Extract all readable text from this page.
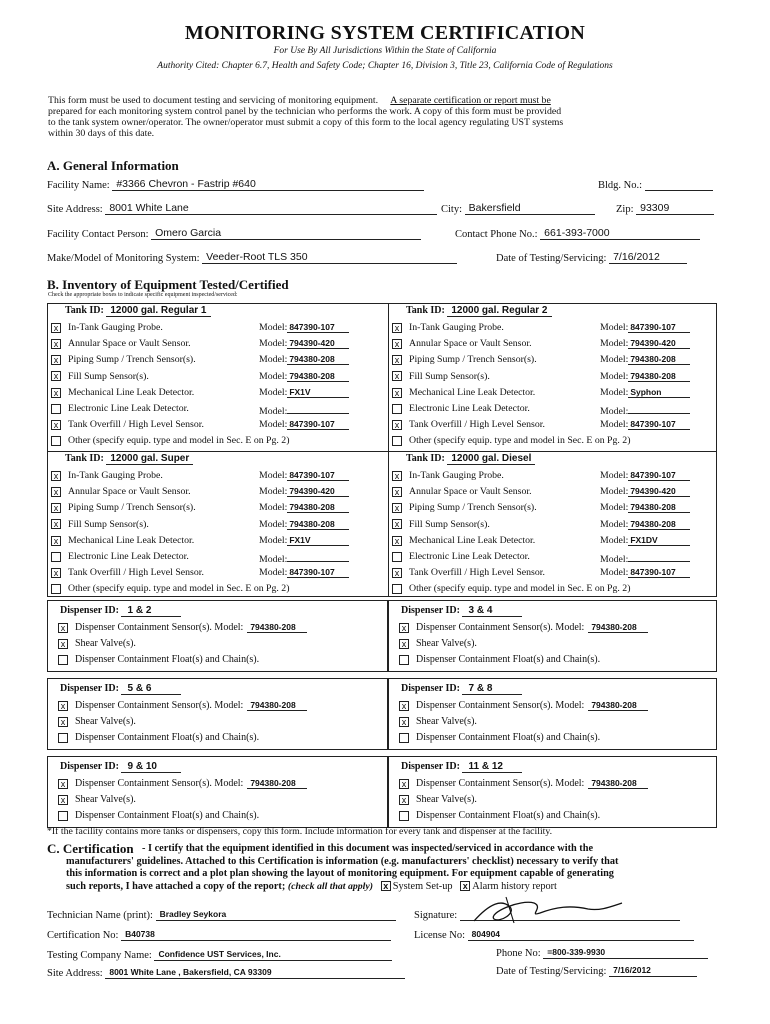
MONITORING SYSTEM CERTIFICATION
For Use By All Jurisdictions Within the State of California
Authority Cited: Chapter 6.7, Health and Safety Code; Chapter 16, Division 3, Title 23, California Code of Regulations
This form must be used to document testing and servicing of monitoring equipment. A separate certification or report must be
prepared for each monitoring system control panel by the technician who performs the work. A copy of this form must be provided
to the tank system owner/operator. The owner/operator must submit a copy of this form to the local agency regulating UST systems
within 30 days of this date.
A. General Information
Facility Name: #3366 Chevron - Fastrip #640	Bldg. No.:
Site Address: 8001 White Lane	City: Bakersfield	Zip: 93309
Facility Contact Person: Omero Garcia	Contact Phone No.: 661-393-7000
Make/Model of Monitoring System: Veeder-Root TLS 350	Date of Testing/Servicing: 7/16/2012
B. Inventory of Equipment Tested/Certified
Check the appropriate boxes to indicate specific equipment inspected/serviced:
Tank ID: 12000 gal. Regular 1
x In-Tank Gauging Probe.	Model: 847390-107
x Annular Space or Vault Sensor.	Model: 794390-420
x Piping Sump / Trench Sensor(s).	Model: 794380-208
x Fill Sump Sensor(s).	Model: 794380-208
x Mechanical Line Leak Detector.	Model: FX1V
Electronic Line Leak Detector.	Model:
x Tank Overfill / High Level Sensor.	Model: 847390-107
Other (specify equip. type and model in Sec. E on Pg. 2)
Tank ID: 12000 gal. Regular 2
x In-Tank Gauging Probe.	Model: 847390-107
x Annular Space or Vault Sensor.	Model: 794390-420
x Piping Sump / Trench Sensor(s).	Model: 794380-208
x Fill Sump Sensor(s).	Model: 794380-208
x Mechanical Line Leak Detector.	Model: Syphon
Electronic Line Leak Detector.	Model:
x Tank Overfill / High Level Sensor.	Model: 847390-107
Other (specify equip. type and model in Sec. E on Pg. 2)
Tank ID: 12000 gal. Super
x In-Tank Gauging Probe.	Model: 847390-107
x Annular Space or Vault Sensor.	Model: 794390-420
x Piping Sump / Trench Sensor(s).	Model: 794380-208
x Fill Sump Sensor(s).	Model: 794380-208
x Mechanical Line Leak Detector.	Model: FX1V
Electronic Line Leak Detector.	Model:
x Tank Overfill / High Level Sensor.	Model: 847390-107
Other (specify equip. type and model in Sec. E on Pg. 2)
Tank ID: 12000 gal. Diesel
x In-Tank Gauging Probe.	Model: 847390-107
x Annular Space or Vault Sensor.	Model: 794390-420
x Piping Sump / Trench Sensor(s).	Model: 794380-208
x Fill Sump Sensor(s).	Model: 794380-208
x Mechanical Line Leak Detector.	Model: FX1DV
Electronic Line Leak Detector.	Model:
x Tank Overfill / High Level Sensor.	Model: 847390-107
Other (specify equip. type and model in Sec. E on Pg. 2)
Dispenser ID: 1 & 2
x Dispenser Containment Sensor(s). Model: 794380-208
x Shear Valve(s).
Dispenser Containment Float(s) and Chain(s).
Dispenser ID: 3 & 4
x Dispenser Containment Sensor(s). Model: 794380-208
x Shear Valve(s).
Dispenser Containment Float(s) and Chain(s).
Dispenser ID: 5 & 6
x Dispenser Containment Sensor(s). Model: 794380-208
x Shear Valve(s).
Dispenser Containment Float(s) and Chain(s).
Dispenser ID: 7 & 8
x Dispenser Containment Sensor(s). Model: 794380-208
x Shear Valve(s).
Dispenser Containment Float(s) and Chain(s).
Dispenser ID: 9 & 10
x Dispenser Containment Sensor(s). Model: 794380-208
x Shear Valve(s).
Dispenser Containment Float(s) and Chain(s).
Dispenser ID: 11 & 12
x Dispenser Containment Sensor(s). Model: 794380-208
x Shear Valve(s).
Dispenser Containment Float(s) and Chain(s).
*If the facility contains more tanks or dispensers, copy this form. Include information for every tank and dispenser at the facility.
C. Certification - I certify that the equipment identified in this document was inspected/serviced in accordance with the
manufacturers' guidelines. Attached to this Certification is information (e.g. manufacturers' checklist) necessary to verify that
this information is correct and a plot plan showing the layout of monitoring equipment. For equipment capable of generating
such reports, I have attached a copy of the report; (check all that apply) x System Set-up x Alarm history report
Technician Name (print): Bradley Seykora	Signature:
Certification No: B40738	License No: 804904
Testing Company Name: Confidence UST Services, Inc.	Phone No: =800-339-9930
Site Address: 8001 White Lane , Bakersfield, CA 93309	Date of Testing/Servicing: 7/16/2012
